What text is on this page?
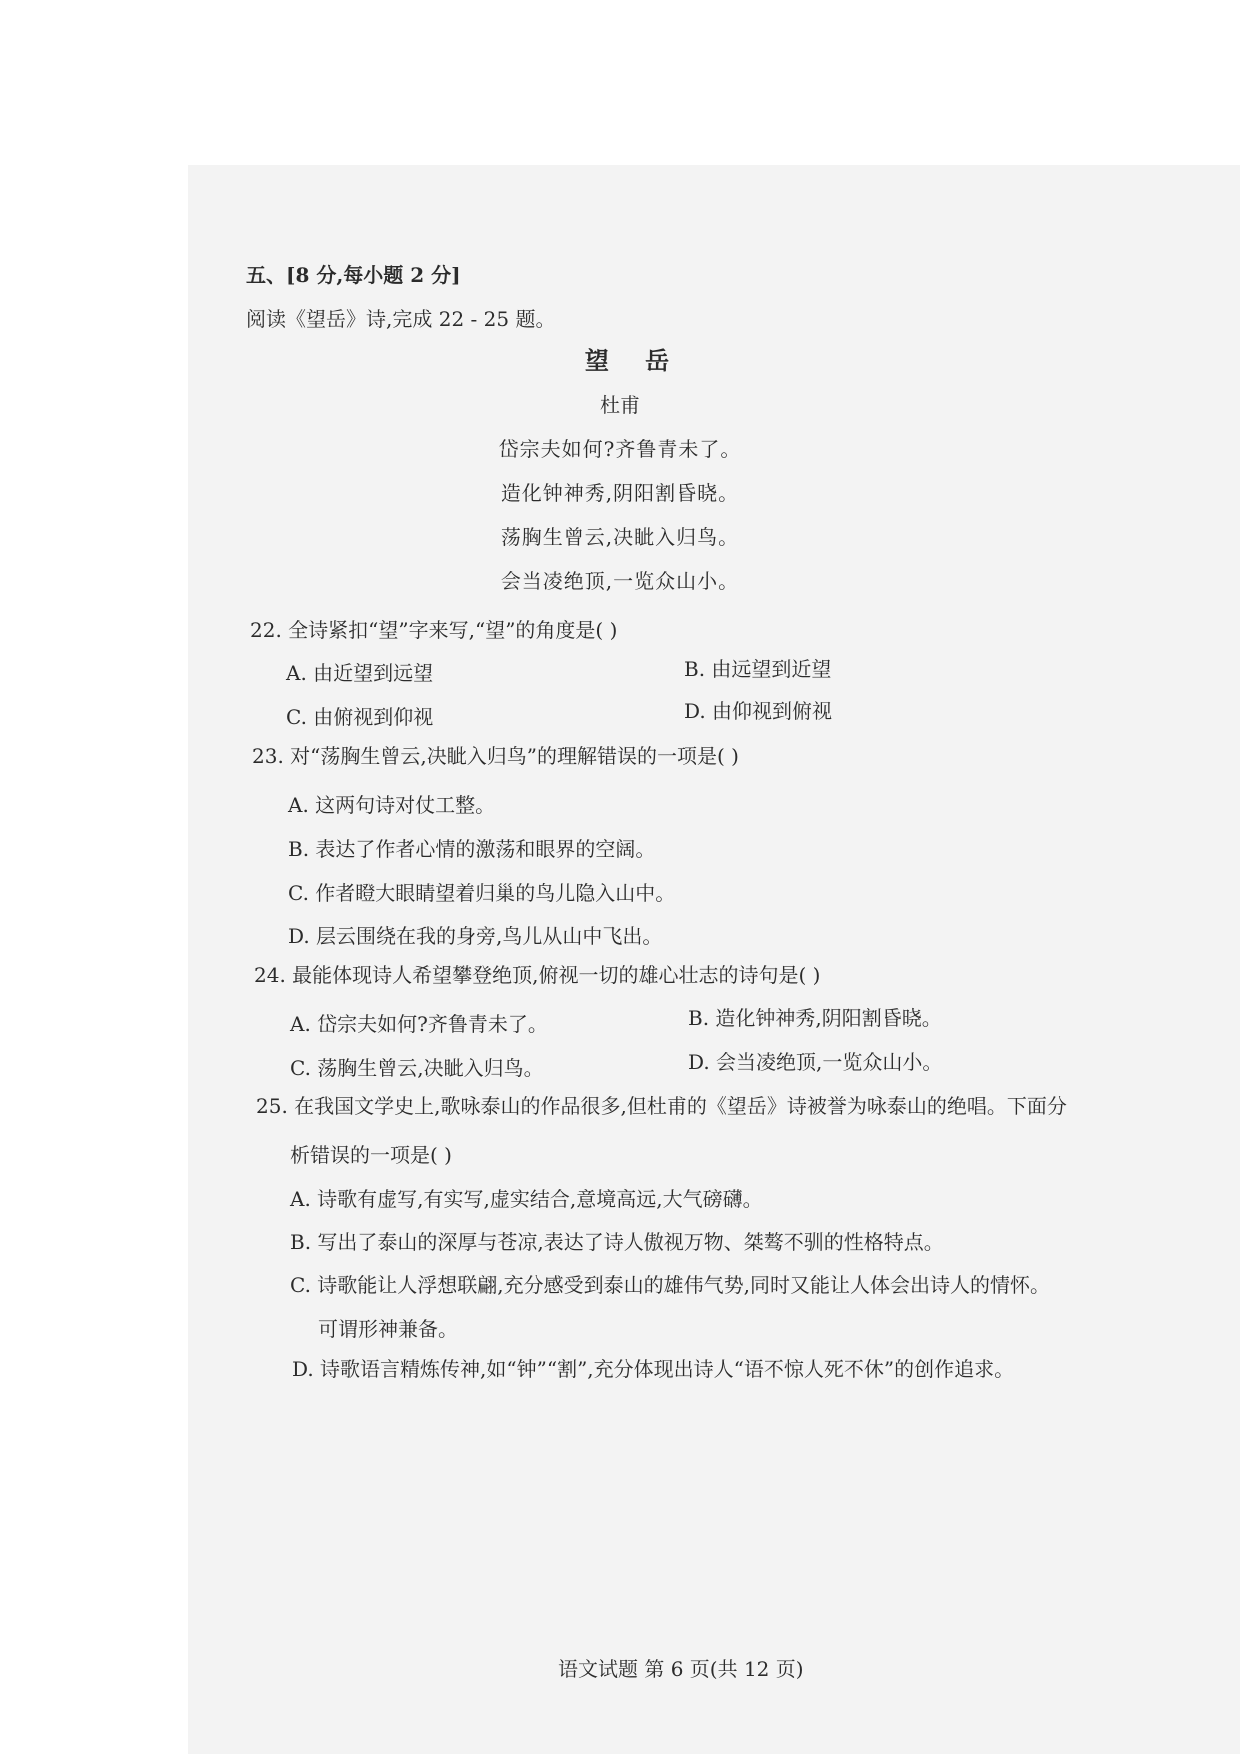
五、[8 分,每小题 2 分]
阅读《望岳》诗,完成 22 - 25 题。
望 岳
杜甫
岱宗夫如何?齐鲁青未了。
造化钟神秀,阴阳割昏晓。
荡胸生曾云,决眦入归鸟。
会当凌绝顶,一览众山小。
22. 全诗紧扣“望”字来写,“望”的角度是( )
A. 由近望到远望	B. 由远望到近望
C. 由俯视到仰视	D. 由仰视到俯视
23. 对“荡胸生曾云,决眦入归鸟”的理解错误的一项是( )
A. 这两句诗对仗工整。
B. 表达了作者心情的激荡和眼界的空阔。
C. 作者瞪大眼睛望着归巢的鸟儿隐入山中。
D. 层云围绕在我的身旁,鸟儿从山中飞出。
24. 最能体现诗人希望攀登绝顶,俯视一切的雄心壮志的诗句是( )
A. 岱宗夫如何?齐鲁青未了。	B. 造化钟神秀,阴阳割昏晓。
C. 荡胸生曾云,决眦入归鸟。	D. 会当凌绝顶,一览众山小。
25. 在我国文学史上,歌咏泰山的作品很多,但杜甫的《望岳》诗被誉为咏泰山的绝唱。下面分
析错误的一项是( )
A. 诗歌有虚写,有实写,虚实结合,意境高远,大气磅礴。
B. 写出了泰山的深厚与苍凉,表达了诗人傲视万物、桀骜不驯的性格特点。
C. 诗歌能让人浮想联翩,充分感受到泰山的雄伟气势,同时又能让人体会出诗人的情怀。
可谓形神兼备。
D. 诗歌语言精炼传神,如“钟”“割”,充分体现出诗人“语不惊人死不休”的创作追求。
语文试题 第 6 页(共 12 页)
